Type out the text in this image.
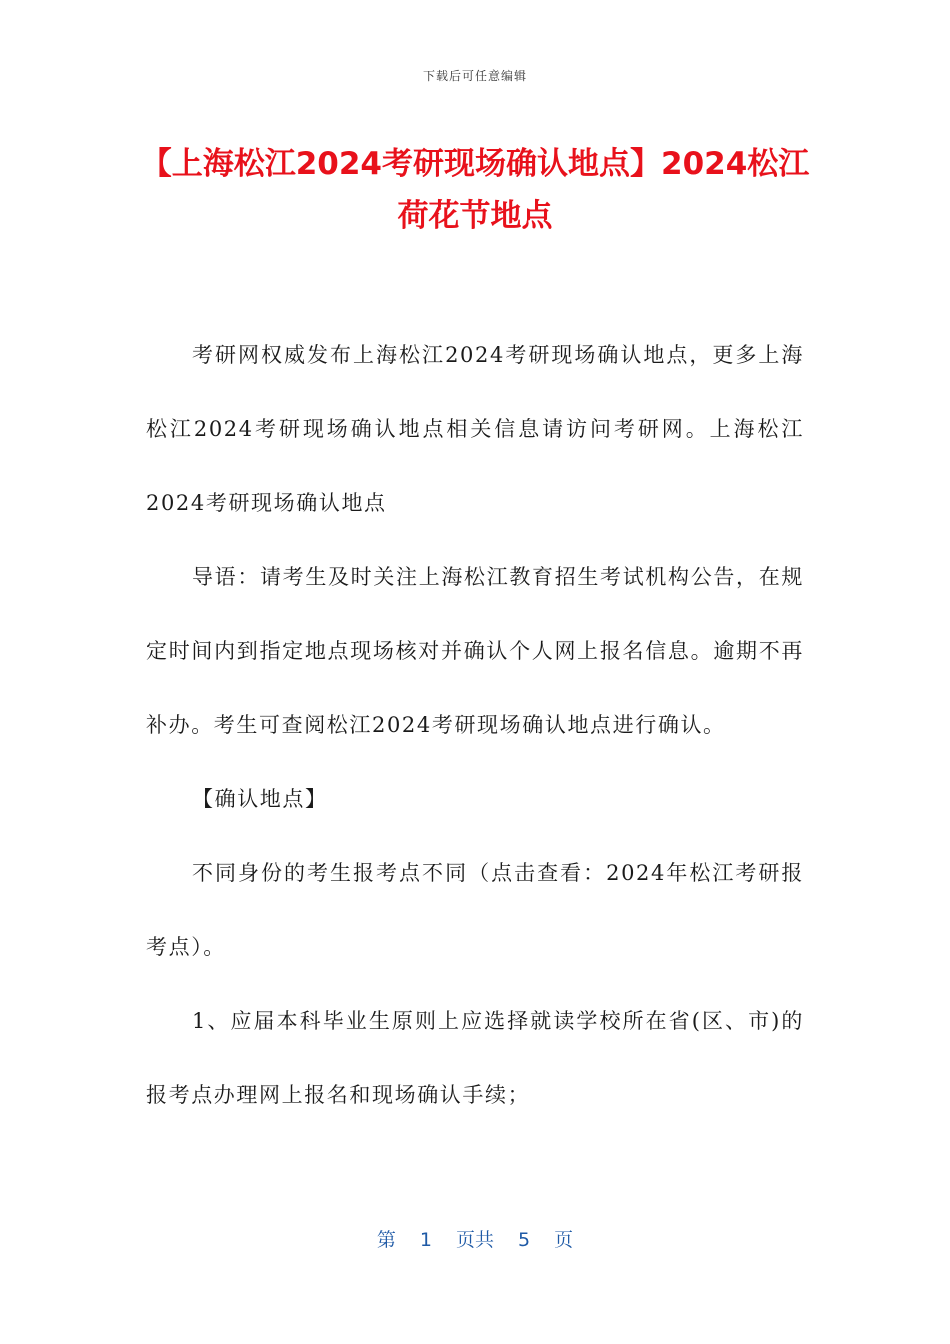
下载后可任意编辑
【上海松江2024考研现场确认地点】2024松江荷花节地点

考研网权威发布上海松江2024考研现场确认地点，更多上海松江2024考研现场确认地点相关信息请访问考研网。上海松江2024考研现场确认地点

导语：请考生及时关注上海松江教育招生考试机构公告，在规定时间内到指定地点现场核对并确认个人网上报名信息。逾期不再补办。考生可查阅松江2024考研现场确认地点进行确认。

【确认地点】

不同身份的考生报考点不同（点击查看：2024年松江考研报考点）。

1、应届本科毕业生原则上应选择就读学校所在省(区、市)的报考点办理网上报名和现场确认手续；

第 1 页共 5 页
